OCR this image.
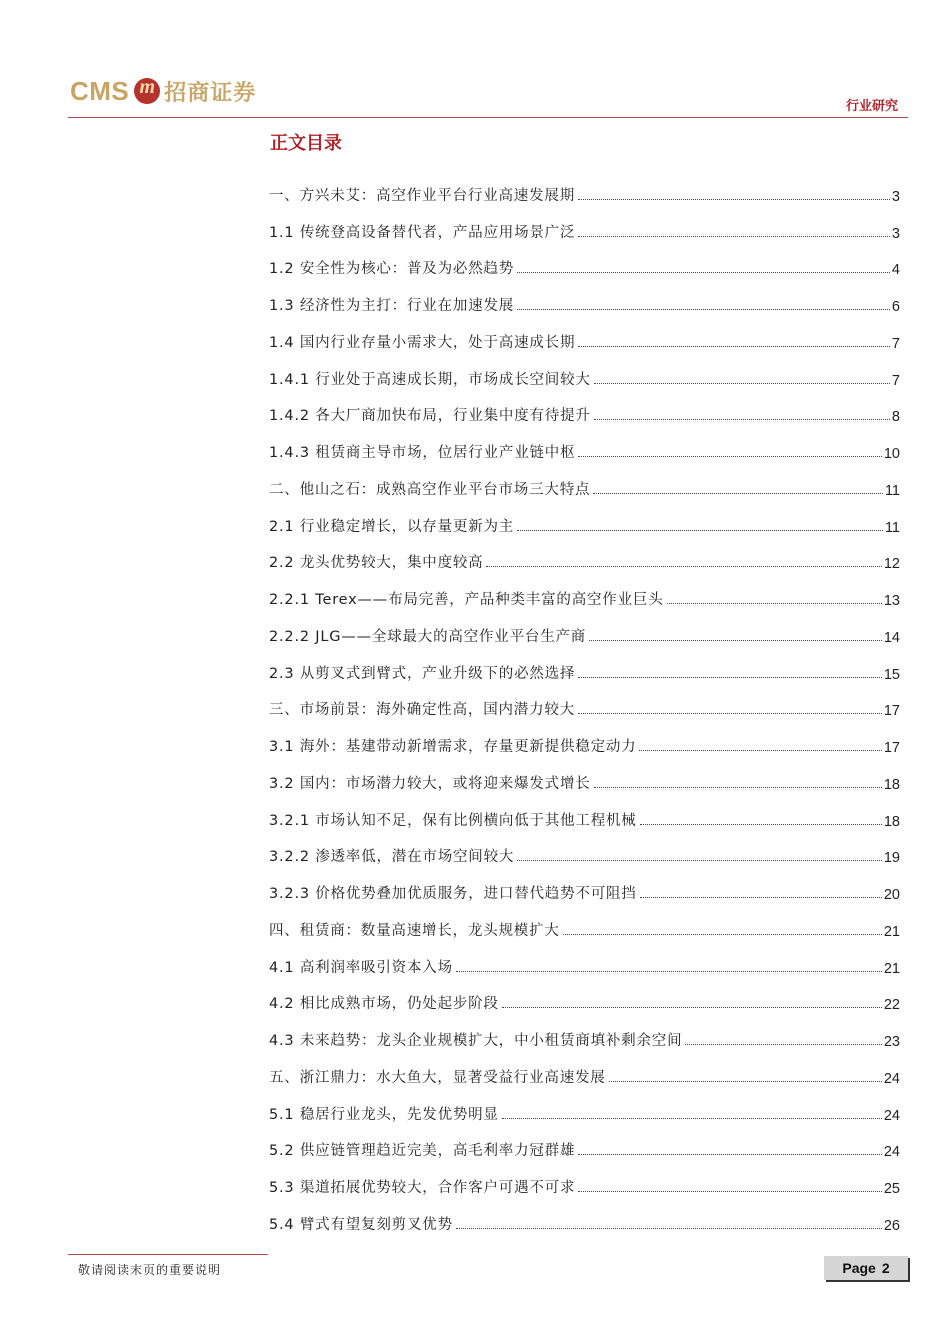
CMS m 招商证券
行业研究
正文目录
一、方兴未艾：高空作业平台行业高速发展期	3
1.1 传统登高设备替代者，产品应用场景广泛	3
1.2 安全性为核心：普及为必然趋势	4
1.3 经济性为主打：行业在加速发展	6
1.4 国内行业存量小需求大，处于高速成长期	7
1.4.1 行业处于高速成长期，市场成长空间较大	7
1.4.2 各大厂商加快布局，行业集中度有待提升	8
1.4.3 租赁商主导市场，位居行业产业链中枢	10
二、他山之石：成熟高空作业平台市场三大特点	11
2.1 行业稳定增长，以存量更新为主	11
2.2 龙头优势较大，集中度较高	12
2.2.1 Terex——布局完善，产品种类丰富的高空作业巨头	13
2.2.2 JLG——全球最大的高空作业平台生产商	14
2.3 从剪叉式到臂式，产业升级下的必然选择	15
三、市场前景：海外确定性高，国内潜力较大	17
3.1 海外：基建带动新增需求，存量更新提供稳定动力	17
3.2 国内：市场潜力较大，或将迎来爆发式增长	18
3.2.1 市场认知不足，保有比例横向低于其他工程机械	18
3.2.2 渗透率低，潜在市场空间较大	19
3.2.3 价格优势叠加优质服务，进口替代趋势不可阻挡	20
四、租赁商：数量高速增长，龙头规模扩大	21
4.1 高利润率吸引资本入场	21
4.2 相比成熟市场，仍处起步阶段	22
4.3 未来趋势：龙头企业规模扩大，中小租赁商填补剩余空间	23
五、浙江鼎力：水大鱼大，显著受益行业高速发展	24
5.1 稳居行业龙头，先发优势明显	24
5.2 供应链管理趋近完美，高毛利率力冠群雄	24
5.3 渠道拓展优势较大，合作客户可遇不可求	25
5.4 臂式有望复刻剪叉优势	26
敬请阅读末页的重要说明	Page 2
